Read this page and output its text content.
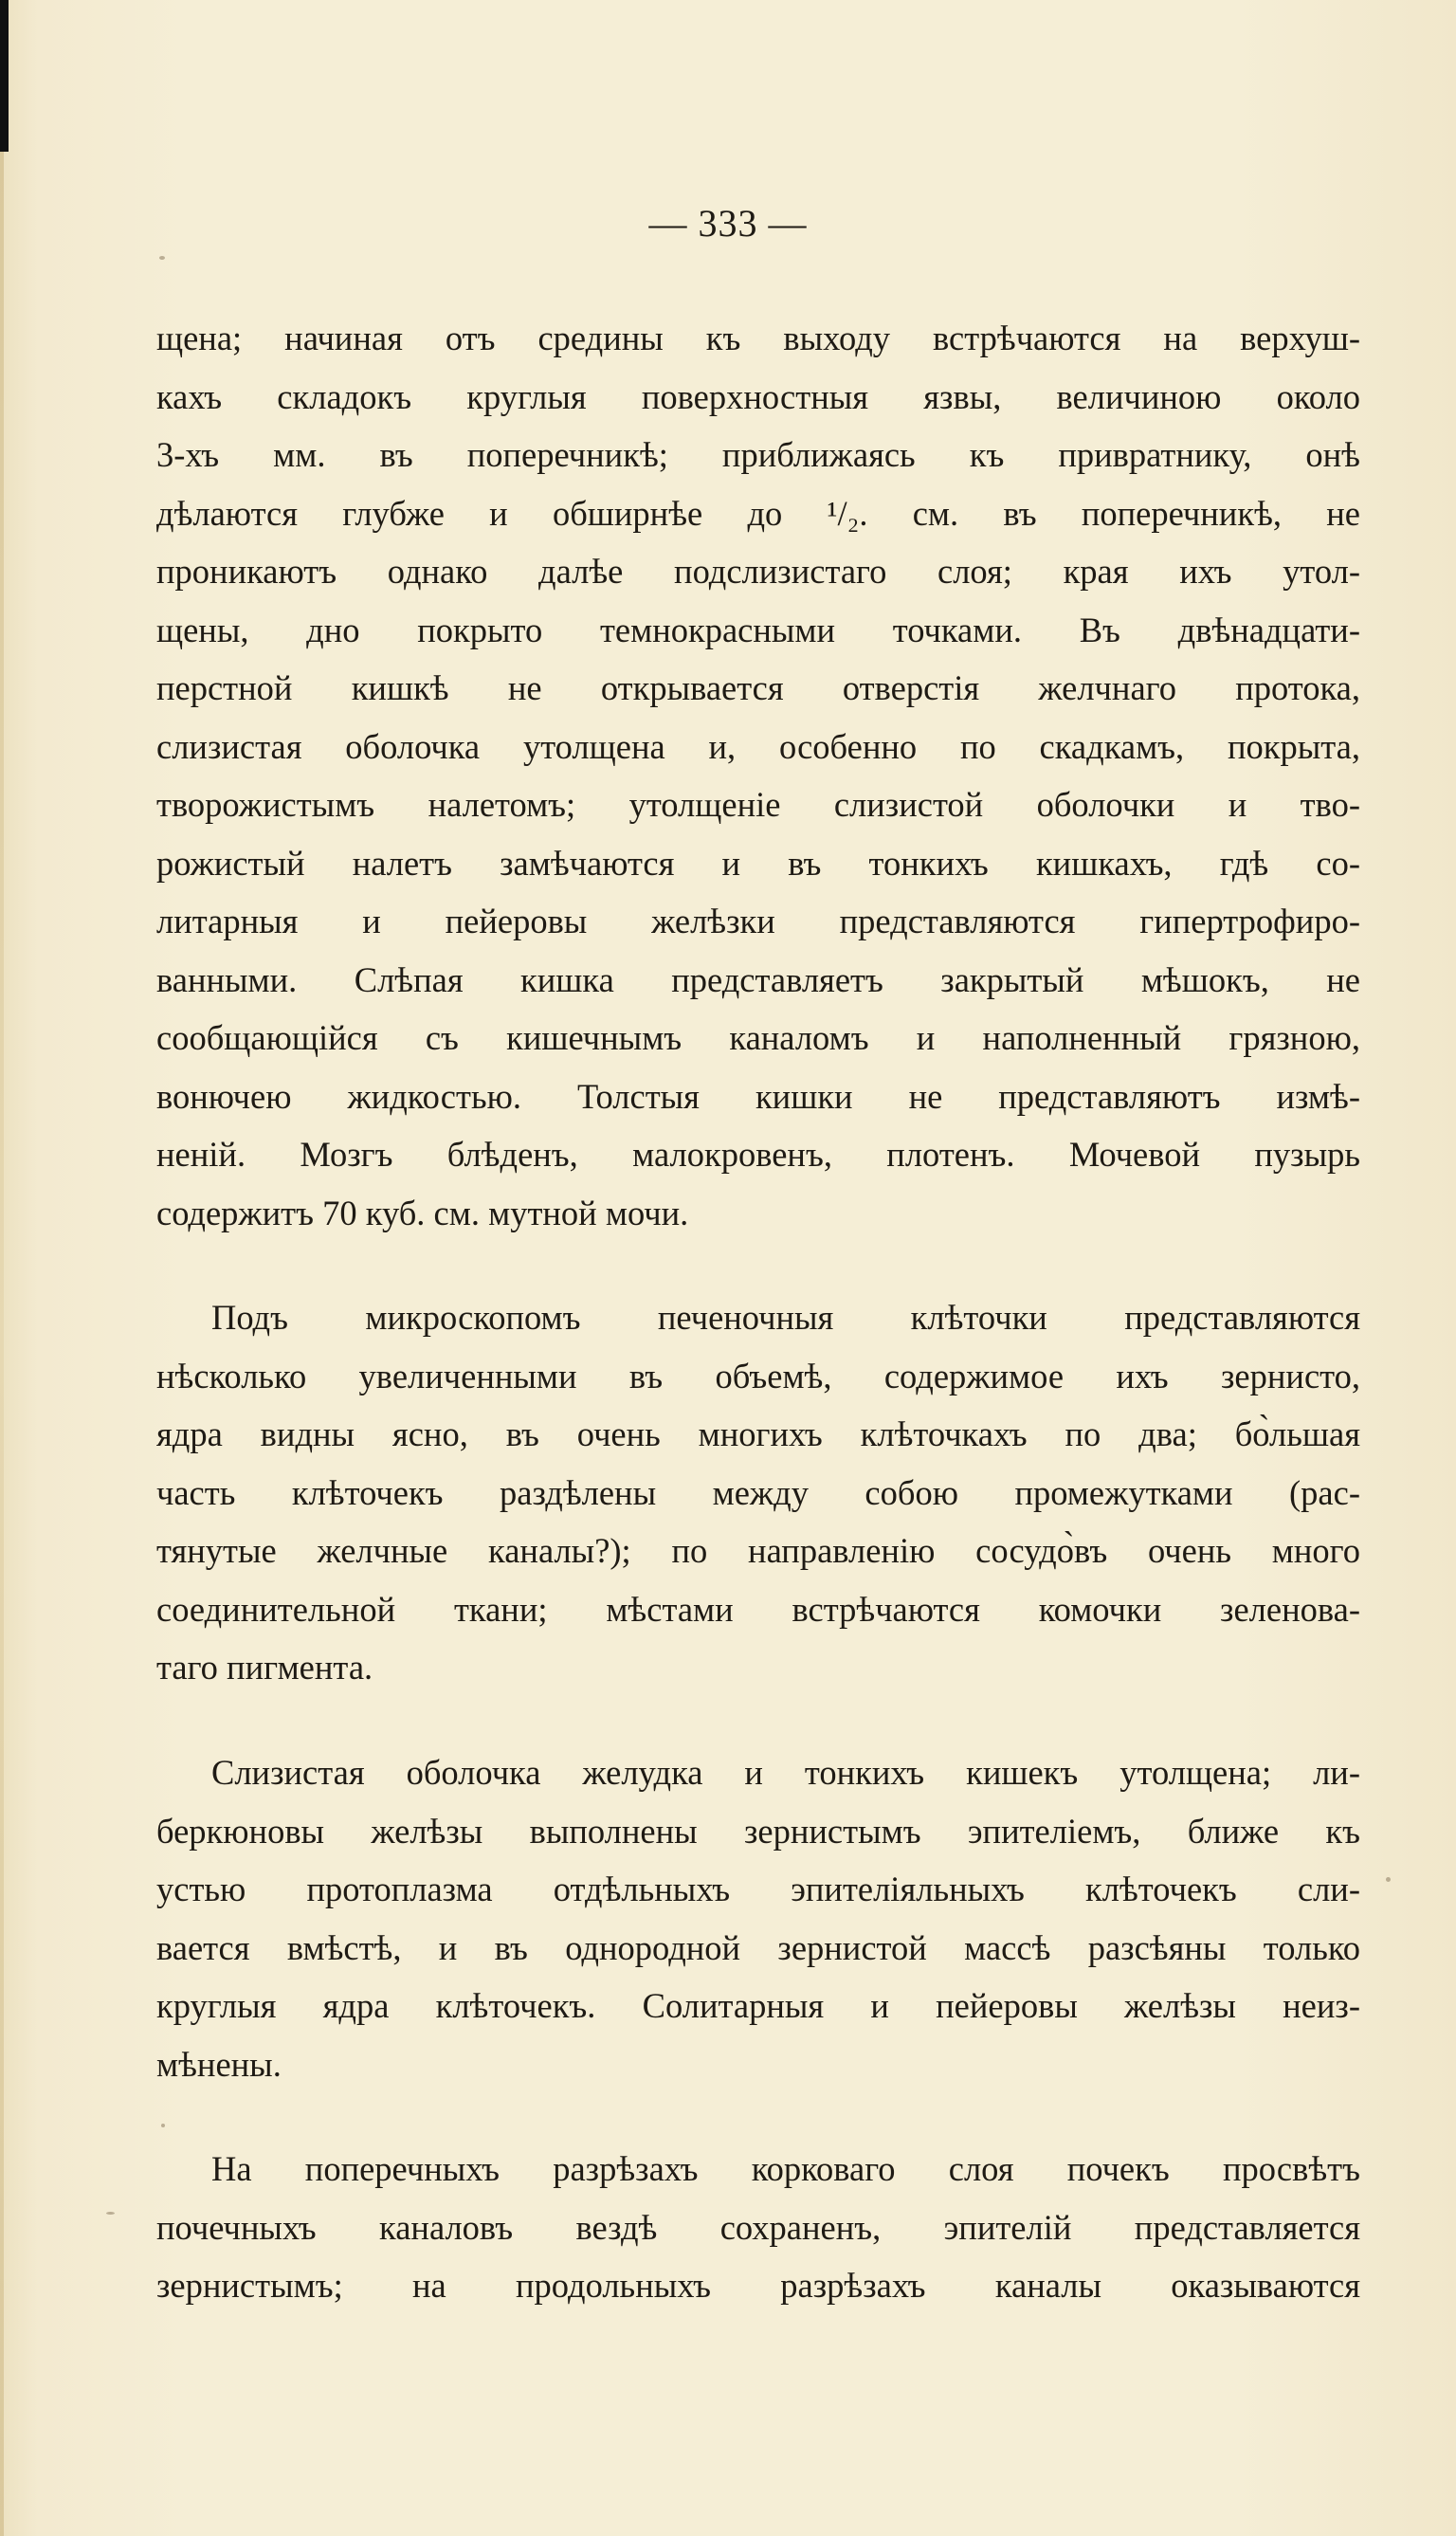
— 333 —
щена; начиная отъ средины къ выходу встрѣчаются на верхуш-
кахъ складокъ круглыя поверхностныя язвы, величиною около
3-хъ мм. въ поперечникѣ; приближаясь къ привратнику, онѣ
дѣлаются глубже и обширнѣе до ¹/₂. см. въ поперечникѣ, не
проникаютъ однако далѣе подслизистаго слоя; края ихъ утол-
щены, дно покрыто темнокрасными точками. Въ двѣнадцати-
перстной кишкѣ не открывается отверстія желчнаго протока,
слизистая оболочка утолщена и, особенно по скадкамъ, покрыта,
творожистымъ налетомъ; утолщеніе слизистой оболочки и тво-
рожистый налетъ замѣчаются и въ тонкихъ кишкахъ, гдѣ со-
литарныя и пейеровы желѣзки представляются гипертрофиро-
ванными. Слѣпая кишка представляетъ закрытый мѣшокъ, не
сообщающійся съ кишечнымъ каналомъ и наполненный грязною,
вонючею жидкостью. Толстыя кишки не представляютъ измѣ-
неній. Мозгъ блѣденъ, малокровенъ, плотенъ. Мочевой пузырь
содержитъ 70 куб. см. мутной мочи.
Подъ микроскопомъ печеночныя клѣточки представляются
нѣсколько увеличенными въ объемѣ, содержимое ихъ зернисто,
ядра видны ясно, въ очень многихъ клѣточкахъ по два; бо̀льшая
часть клѣточекъ раздѣлены между собою промежутками (рас-
тянутые желчные каналы?); по направленію сосудо̀въ очень много
соединительной ткани; мѣстами встрѣчаются комочки зеленова-
таго пигмента.
Слизистая оболочка желудка и тонкихъ кишекъ утолщена; ли-
беркюновы желѣзы выполнены зернистымъ эпителіемъ, ближе къ
устью протоплазма отдѣльныхъ эпителіяльныхъ клѣточекъ сли-
вается вмѣстѣ, и въ однородной зернистой массѣ разсѣяны только
круглыя ядра клѣточекъ. Солитарныя и пейеровы желѣзы неиз-
мѣнены.
На поперечныхъ разрѣзахъ корковаго слоя почекъ просвѣтъ
почечныхъ каналовъ вездѣ сохраненъ, эпителій представляется
зернистымъ; на продольныхъ разрѣзахъ каналы оказываются
